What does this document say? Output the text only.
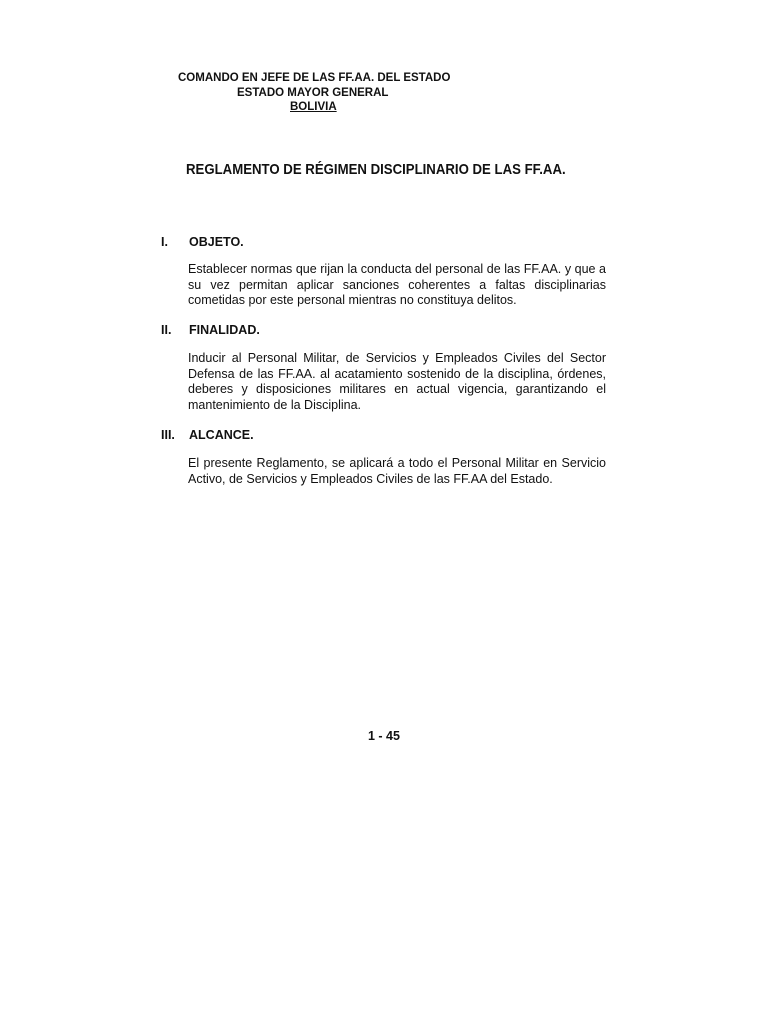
COMANDO EN JEFE DE LAS FF.AA. DEL ESTADO
ESTADO MAYOR GENERAL
BOLIVIA
REGLAMENTO DE RÉGIMEN DISCIPLINARIO DE LAS FF.AA.
I. OBJETO.
Establecer normas que rijan la conducta del personal de las FF.AA. y que a su vez permitan aplicar sanciones coherentes a faltas disciplinarias cometidas por este personal mientras no constituya delitos.
II. FINALIDAD.
Inducir al Personal Militar, de Servicios y Empleados Civiles del Sector Defensa de las FF.AA. al acatamiento sostenido de la disciplina, órdenes, deberes y disposiciones militares en actual vigencia, garantizando el mantenimiento de la Disciplina.
III. ALCANCE.
El presente Reglamento, se aplicará a todo el Personal Militar en Servicio Activo, de Servicios y Empleados Civiles de las FF.AA del Estado.
1 - 45
